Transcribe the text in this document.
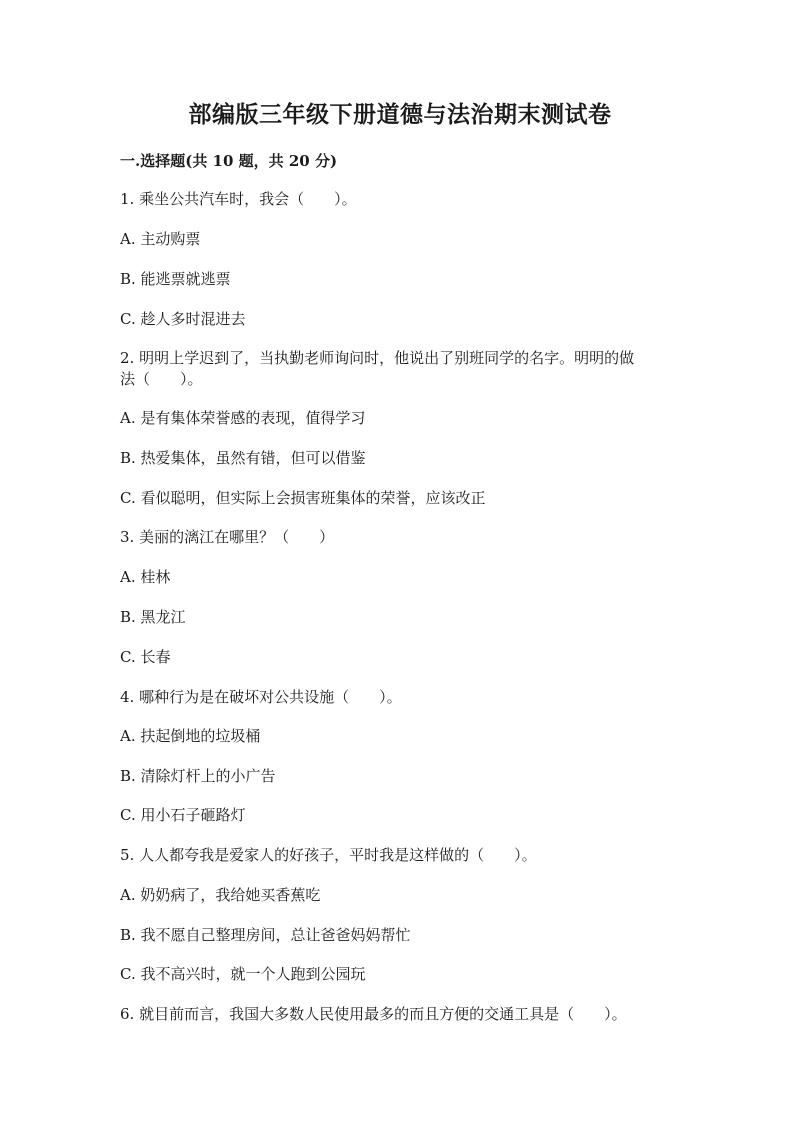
部编版三年级下册道德与法治期末测试卷
一.选择题(共 10 题，共 20 分)
1. 乘坐公共汽车时，我会（　　）。
A. 主动购票
B. 能逃票就逃票
C. 趁人多时混进去
2. 明明上学迟到了，当执勤老师询问时，他说出了别班同学的名字。明明的做
法（　　）。
A. 是有集体荣誉感的表现，值得学习
B. 热爱集体，虽然有错，但可以借鉴
C. 看似聪明，但实际上会损害班集体的荣誉，应该改正
3. 美丽的漓江在哪里？（　　）
A. 桂林
B. 黑龙江
C. 长春
4. 哪种行为是在破坏对公共设施（　　）。
A. 扶起倒地的垃圾桶
B. 清除灯杆上的小广告
C. 用小石子砸路灯
5. 人人都夸我是爱家人的好孩子，平时我是这样做的（　　）。
A. 奶奶病了，我给她买香蕉吃
B. 我不愿自己整理房间，总让爸爸妈妈帮忙
C. 我不高兴时，就一个人跑到公园玩
6. 就目前而言，我国大多数人民使用最多的而且方便的交通工具是（　　）。
